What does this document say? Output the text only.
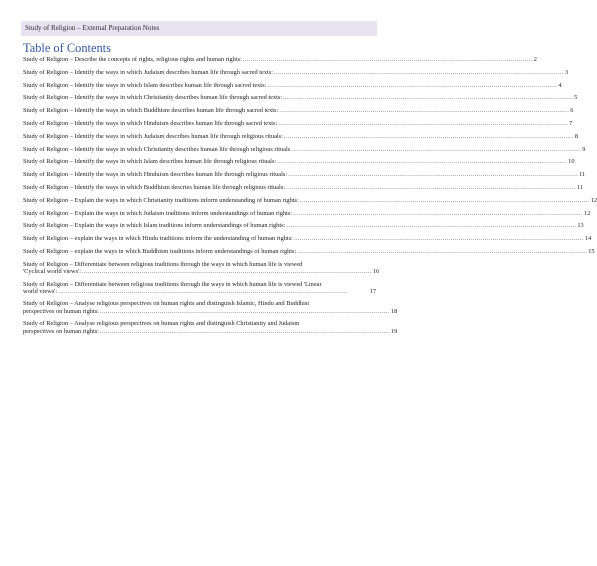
Study of Religion – External Preparation Notes
Table of Contents
Study of Religion – Describe the concepts of rights, religious rights and human rights: .................................................................................................................................................. 2
Study of Religion – Identify the ways in which Judaism describes human life through sacred texts: .................................................................................................................................................. 3
Study of Religion – Identify the ways in which Islam describes human life through sacred texts: .................................................................................................................................................. 4
Study of Religion – Identify the ways in which Christianity describes human life through sacred texts: .................................................................................................................................................. 5
Study of Religion – Identify the ways in which Buddhism describes human life through sacred texts: .................................................................................................................................................. 6
Study of Religion – Identify the ways in which Hinduism describes human life through sacred texts: .................................................................................................................................................. 7
Study of Religion – Identify the ways in which Judaism describes human life through religious rituals: .................................................................................................................................................. 8
Study of Religion – Identify the ways in which Christianity describes human life through religious rituals .................................................................................................................................................. 9
Study of Religion – Identify the ways in which Islam describes human life through religious rituals: .................................................................................................................................................. 10
Study of Religion – Identify the ways in which Hinduism describes human life through religious rituals: .................................................................................................................................................. 11
Study of Religion – Identify the ways in which Buddhism descries human life through religious rituals: .................................................................................................................................................. 11
Study of Religion – Explain the ways in which Christianity traditions inform understanding of human rights: .................................................................................................................................................. 12
Study of Religion – Explain the ways in which Judaism traditions inform understandings of human rights: .................................................................................................................................................. 12
Study of Religion – Explain the ways in which Islam traditions inform understandings of human rights: .................................................................................................................................................. 13
Study of Religion – explain the ways in which Hindu traditions inform the understanding of human rights: .................................................................................................................................................. 14
Study of Religion – explain the ways in which Buddhism traditions inform understandings of human rights: .................................................................................................................................................. 15
Study of Religion – Differentiate between religious traditions through the ways in which human life is viewed
'Cyclical world views': .................................................................................................................................................. 16
Study of Religion – Differentiate between religious traditions through the ways in which human life is viewed 'Linear
world views': ..................................................................................................................................................	17
Study of Religion – Analyse religious perspectives on human rights and distinguish Islamic, Hindu and Buddhist
perspectives on human rights: .................................................................................................................................................. 18
Study of Religion – Analyse religious perspectives on human rights and distinguish Christianity and Judaism
perspectives on human rights: .................................................................................................................................................. 19
